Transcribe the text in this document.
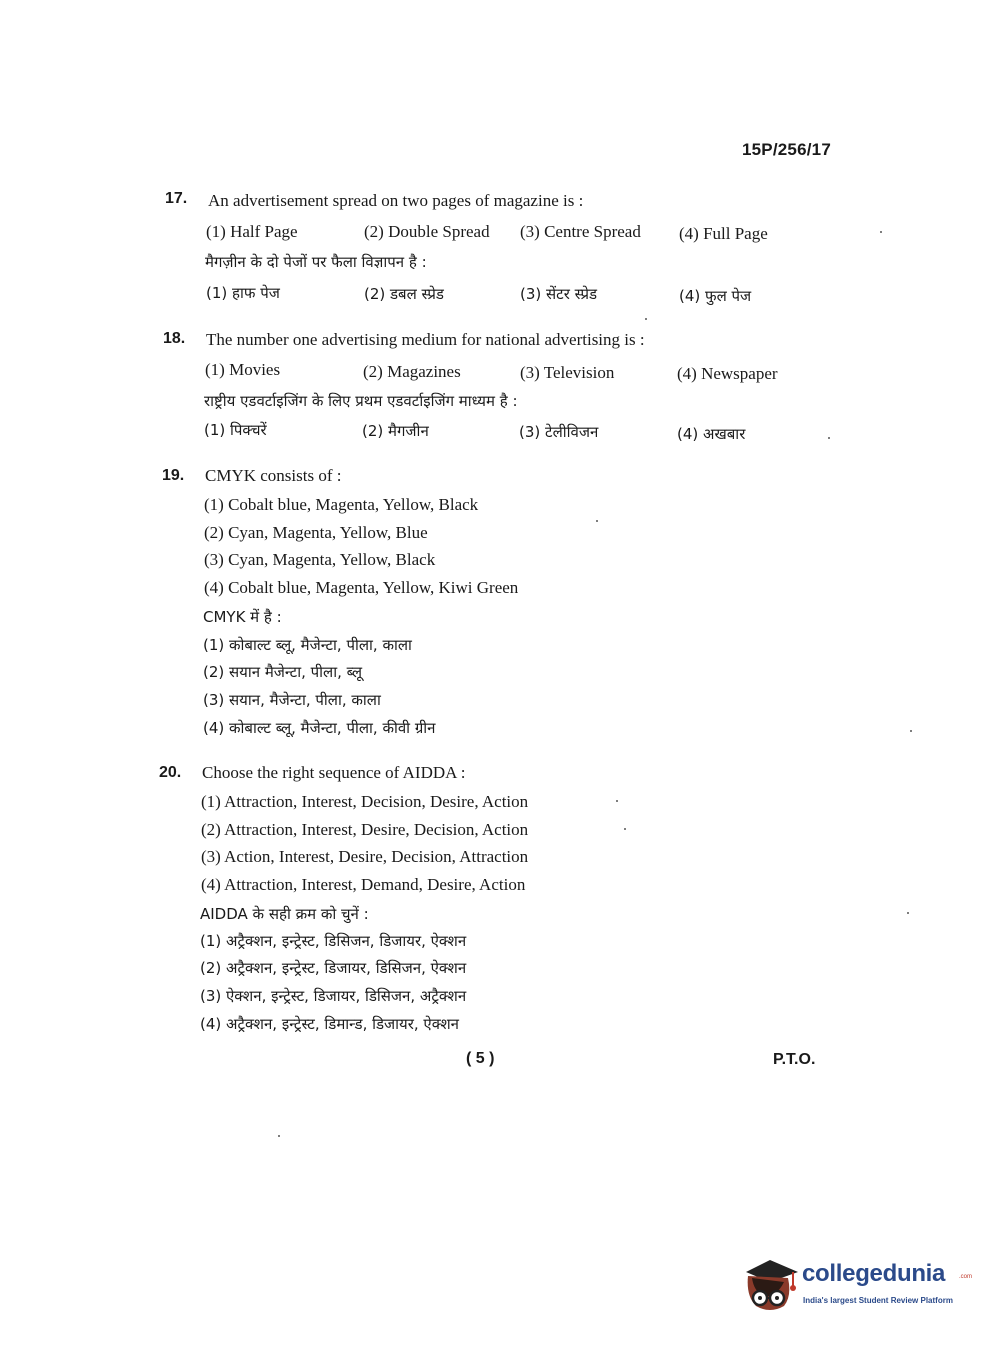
15P/256/17
17. An advertisement spread on two pages of magazine is :
(1) Half Page	(2) Double Spread (3) Centre Spread (4) Full Page
मैगज़ीन के दो पेजों पर फैला विज्ञापन है :
(1) हाफ पेज	(2) डबल स्प्रेड	(3) सेंटर स्प्रेड	(4) फुल पेज
18. The number one advertising medium for national advertising is :
(1) Movies	(2) Magazines	(3) Television	(4) Newspaper
राष्ट्रीय एडवर्टाइजिंग के लिए प्रथम एडवर्टाइजिंग माध्यम है :
(1) पिक्चरें	(2) मैगजीन	(3) टेलीविजन	(4) अखबार
19. CMYK consists of :
(1) Cobalt blue, Magenta, Yellow, Black
(2) Cyan, Magenta, Yellow, Blue
(3) Cyan, Magenta, Yellow, Black
(4) Cobalt blue, Magenta, Yellow, Kiwi Green
CMYK में है :
(1) कोबाल्ट ब्लू, मैजेन्टा, पीला, काला
(2) सयान मैजेन्टा, पीला, ब्लू
(3) सयान, मैजेन्टा, पीला, काला
(4) कोबाल्ट ब्लू, मैजेन्टा, पीला, कीवी ग्रीन
20. Choose the right sequence of AIDDA :
(1) Attraction, Interest, Decision, Desire, Action
(2) Attraction, Interest, Desire, Decision, Action
(3) Action, Interest, Desire, Decision, Attraction
(4) Attraction, Interest, Demand, Desire, Action
AIDDA के सही क्रम को चुनें :
(1) अट्रैक्शन, इन्ट्रेस्ट, डिसिजन, डिजायर, ऐक्शन
(2) अट्रैक्शन, इन्ट्रेस्ट, डिजायर, डिसिजन, ऐक्शन
(3) ऐक्शन, इन्ट्रेस्ट, डिजायर, डिसिजन, अट्रैक्शन
(4) अट्रैक्शन, इन्ट्रेस्ट, डिमान्ड, डिजायर, ऐक्शन
( 5 )	P.T.O.
collegedunia .com
India's largest Student Review Platform
